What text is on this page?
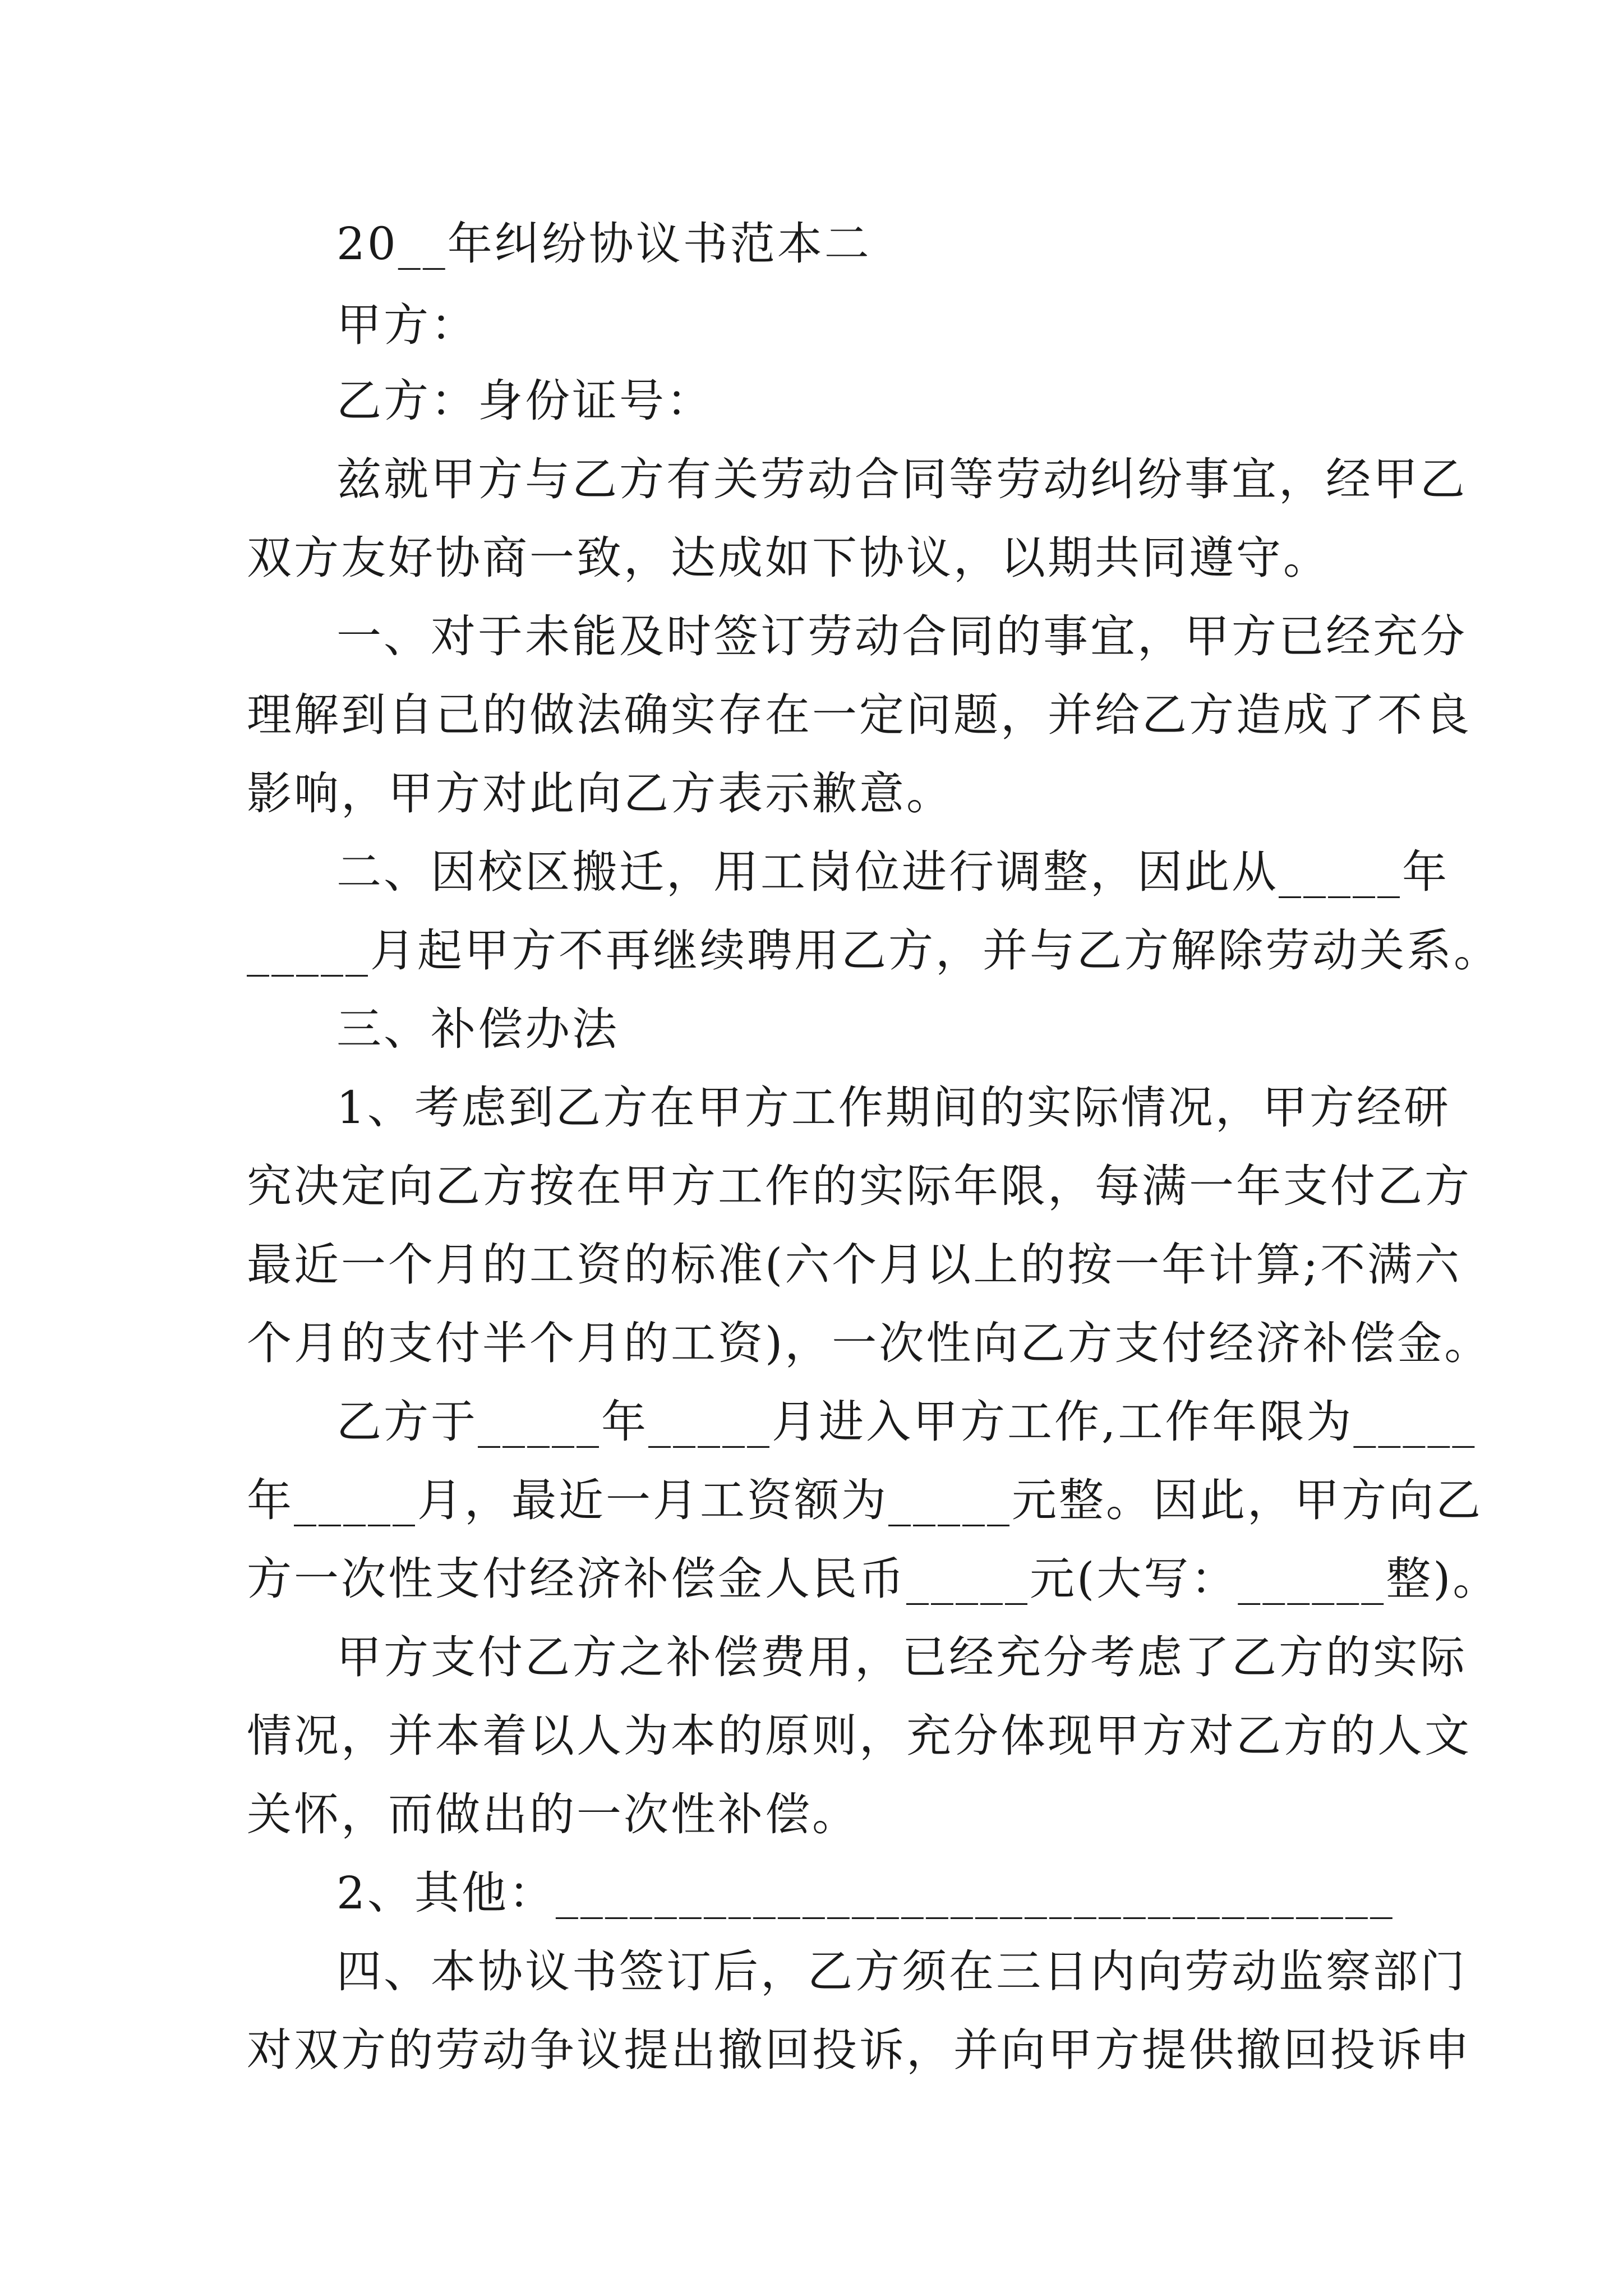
20__年纠纷协议书范本二
甲方：
乙方：身份证号：
兹就甲方与乙方有关劳动合同等劳动纠纷事宜，经甲乙
双方友好协商一致，达成如下协议，以期共同遵守。
一、对于未能及时签订劳动合同的事宜，甲方已经充分
理解到自己的做法确实存在一定问题，并给乙方造成了不良
影响，甲方对此向乙方表示歉意。
二、因校区搬迁，用工岗位进行调整，因此从_____年
_____月起甲方不再继续聘用乙方，并与乙方解除劳动关系。
三、补偿办法
1、考虑到乙方在甲方工作期间的实际情况，甲方经研
究决定向乙方按在甲方工作的实际年限，每满一年支付乙方
最近一个月的工资的标准(六个月以上的按一年计算;不满六
个月的支付半个月的工资)，一次性向乙方支付经济补偿金。
乙方于_____年_____月进入甲方工作,工作年限为_____
年_____月，最近一月工资额为_____元整。因此，甲方向乙
方一次性支付经济补偿金人民币_____元(大写：______整)。
甲方支付乙方之补偿费用，已经充分考虑了乙方的实际
情况，并本着以人为本的原则，充分体现甲方对乙方的人文
关怀，而做出的一次性补偿。
2、其他：__________________________________
四、本协议书签订后，乙方须在三日内向劳动监察部门
对双方的劳动争议提出撤回投诉，并向甲方提供撤回投诉申
